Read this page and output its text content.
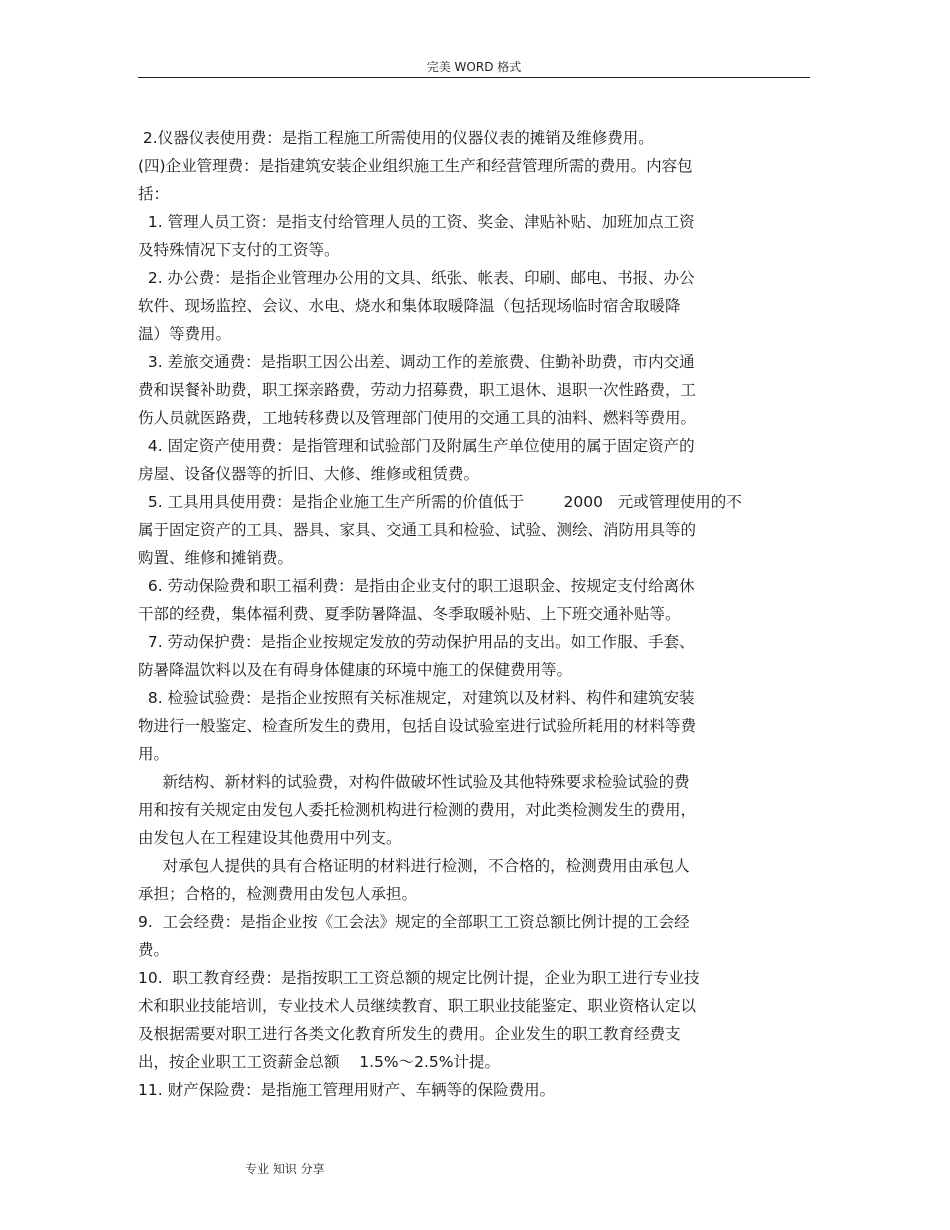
完美 WORD 格式
2.仪器仪表使用费：是指工程施工所需使用的仪器仪表的摊销及维修费用。
(四)企业管理费：是指建筑安装企业组织施工生产和经营管理所需的费用。内容包
括：
1. 管理人员工资：是指支付给管理人员的工资、奖金、津贴补贴、加班加点工资
及特殊情况下支付的工资等。
2. 办公费：是指企业管理办公用的文具、纸张、帐表、印刷、邮电、书报、办公
软件、现场监控、会议、水电、烧水和集体取暖降温（包括现场临时宿舍取暖降
温）等费用。
3. 差旅交通费：是指职工因公出差、调动工作的差旅费、住勤补助费，市内交通
费和误餐补助费，职工探亲路费，劳动力招募费，职工退休、退职一次性路费，工
伤人员就医路费，工地转移费以及管理部门使用的交通工具的油料、燃料等费用。
4. 固定资产使用费：是指管理和试验部门及附属生产单位使用的属于固定资产的
房屋、设备仪器等的折旧、大修、维修或租赁费。
5. 工具用具使用费：是指企业施工生产所需的价值低于        2000   元或管理使用的不
属于固定资产的工具、器具、家具、交通工具和检验、试验、测绘、消防用具等的
购置、维修和摊销费。
6. 劳动保险费和职工福利费：是指由企业支付的职工退职金、按规定支付给离休
干部的经费，集体福利费、夏季防暑降温、冬季取暖补贴、上下班交通补贴等。
7. 劳动保护费：是指企业按规定发放的劳动保护用品的支出。如工作服、手套、
防暑降温饮料以及在有碍身体健康的环境中施工的保健费用等。
8. 检验试验费：是指企业按照有关标准规定，对建筑以及材料、构件和建筑安装
物进行一般鉴定、检查所发生的费用，包括自设试验室进行试验所耗用的材料等费
用。
新结构、新材料的试验费，对构件做破坏性试验及其他特殊要求检验试验的费
用和按有关规定由发包人委托检测机构进行检测的费用，对此类检测发生的费用，
由发包人在工程建设其他费用中列支。
对承包人提供的具有合格证明的材料进行检测，不合格的，检测费用由承包人
承担；合格的，检测费用由发包人承担。
9.  工会经费：是指企业按《工会法》规定的全部职工工资总额比例计提的工会经
费。
10.  职工教育经费：是指按职工工资总额的规定比例计提，企业为职工进行专业技
术和职业技能培训，专业技术人员继续教育、职工职业技能鉴定、职业资格认定以
及根据需要对职工进行各类文化教育所发生的费用。企业发生的职工教育经费支
出，按企业职工工资薪金总额    1.5%～2.5%计提。
11. 财产保险费：是指施工管理用财产、车辆等的保险费用。
专业 知识 分享
